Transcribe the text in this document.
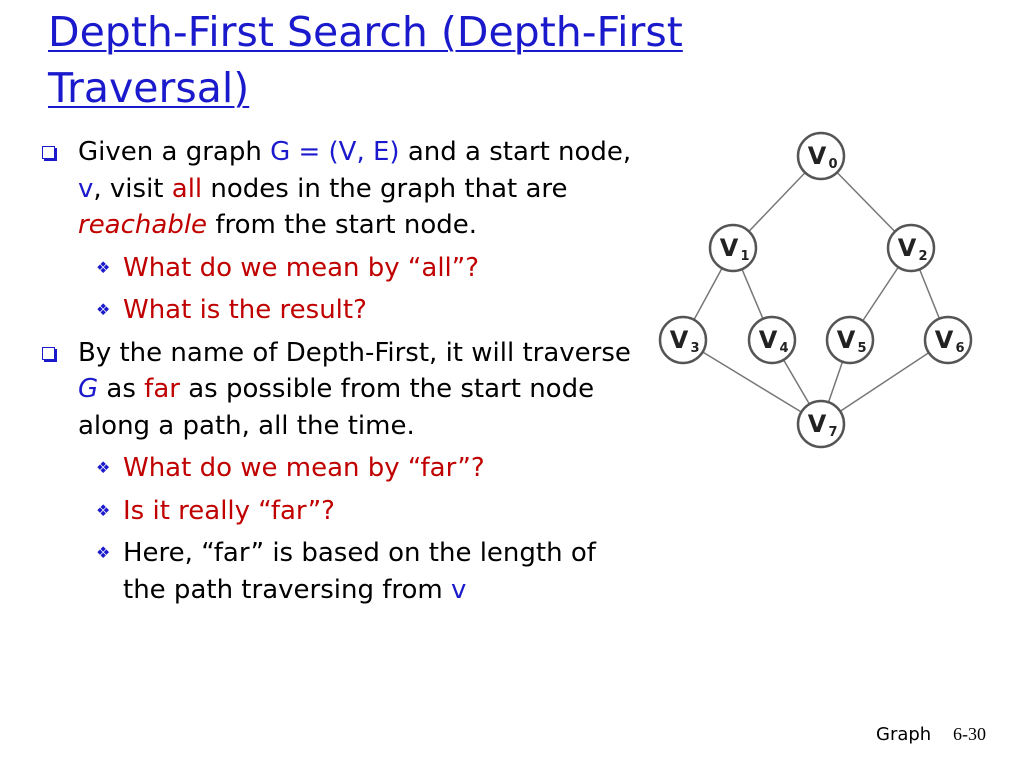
Depth-First Search (Depth-First
Traversal)
Given a graph G = (V, E) and a start node, v, visit all nodes in the graph that are reachable from the start node.
❖ What do we mean by “all”?
❖ What is the result?
By the name of Depth-First, it will traverse G as far as possible from the start node along a path, all the time.
❖ What do we mean by “far”?
❖ Is it really “far”?
❖ Here, “far” is based on the length of the path traversing from v
V 0
V 1	V 2
V 3 V 4 V 5	V 6
V 7
Graph 6-30
